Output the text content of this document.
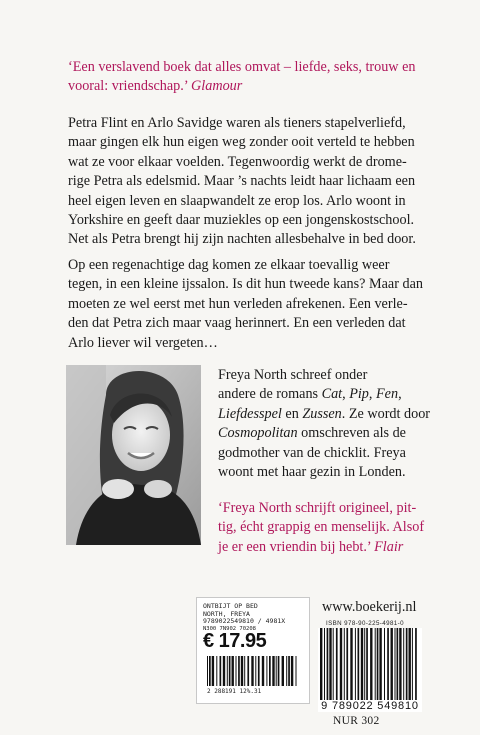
‘Een verslavend boek dat alles omvat – liefde, seks, trouw en
vooral: vriendschap.’ Glamour
Petra Flint en Arlo Savidge waren als tieners stapelverliefd,
maar gingen elk hun eigen weg zonder ooit verteld te hebben
wat ze voor elkaar voelden. Tegenwoordig werkt de drome-
rige Petra als edelsmid. Maar ’s nachts leidt haar lichaam een
heel eigen leven en slaapwandelt ze erop los. Arlo woont in
Yorkshire en geeft daar muziekles op een jongenskostschool.
Net als Petra brengt hij zijn nachten allesbehalve in bed door.
Op een regenachtige dag komen ze elkaar toevallig weer
tegen, in een kleine ijssalon. Is dit hun tweede kans? Maar dan
moeten ze wel eerst met hun verleden afrekenen. Een verle-
den dat Petra zich maar vaag herinnert. En een verleden dat
Arlo liever wil vergeten…
Freya North schreef onder
andere de romans Cat, Pip, Fen,
Liefdesspel en Zussen. Ze wordt door
Cosmopolitan omschreven als de
godmother van de chicklit. Freya
woont met haar gezin in Londen.
‘Freya North schrijft origineel, pit-
tig, écht grappig en menselijk. Alsof
je er een vriendin bij hebt.’ Flair
ONTBIJT OP BED
NORTH, FREYA
9789022549810 / 4981X
N300 7N902 70208
€ 17.95
2 288191 12%.31
www.boekerij.nl
ISBN 978-90-225-4981-0
9 789022 549810
NUR 302
